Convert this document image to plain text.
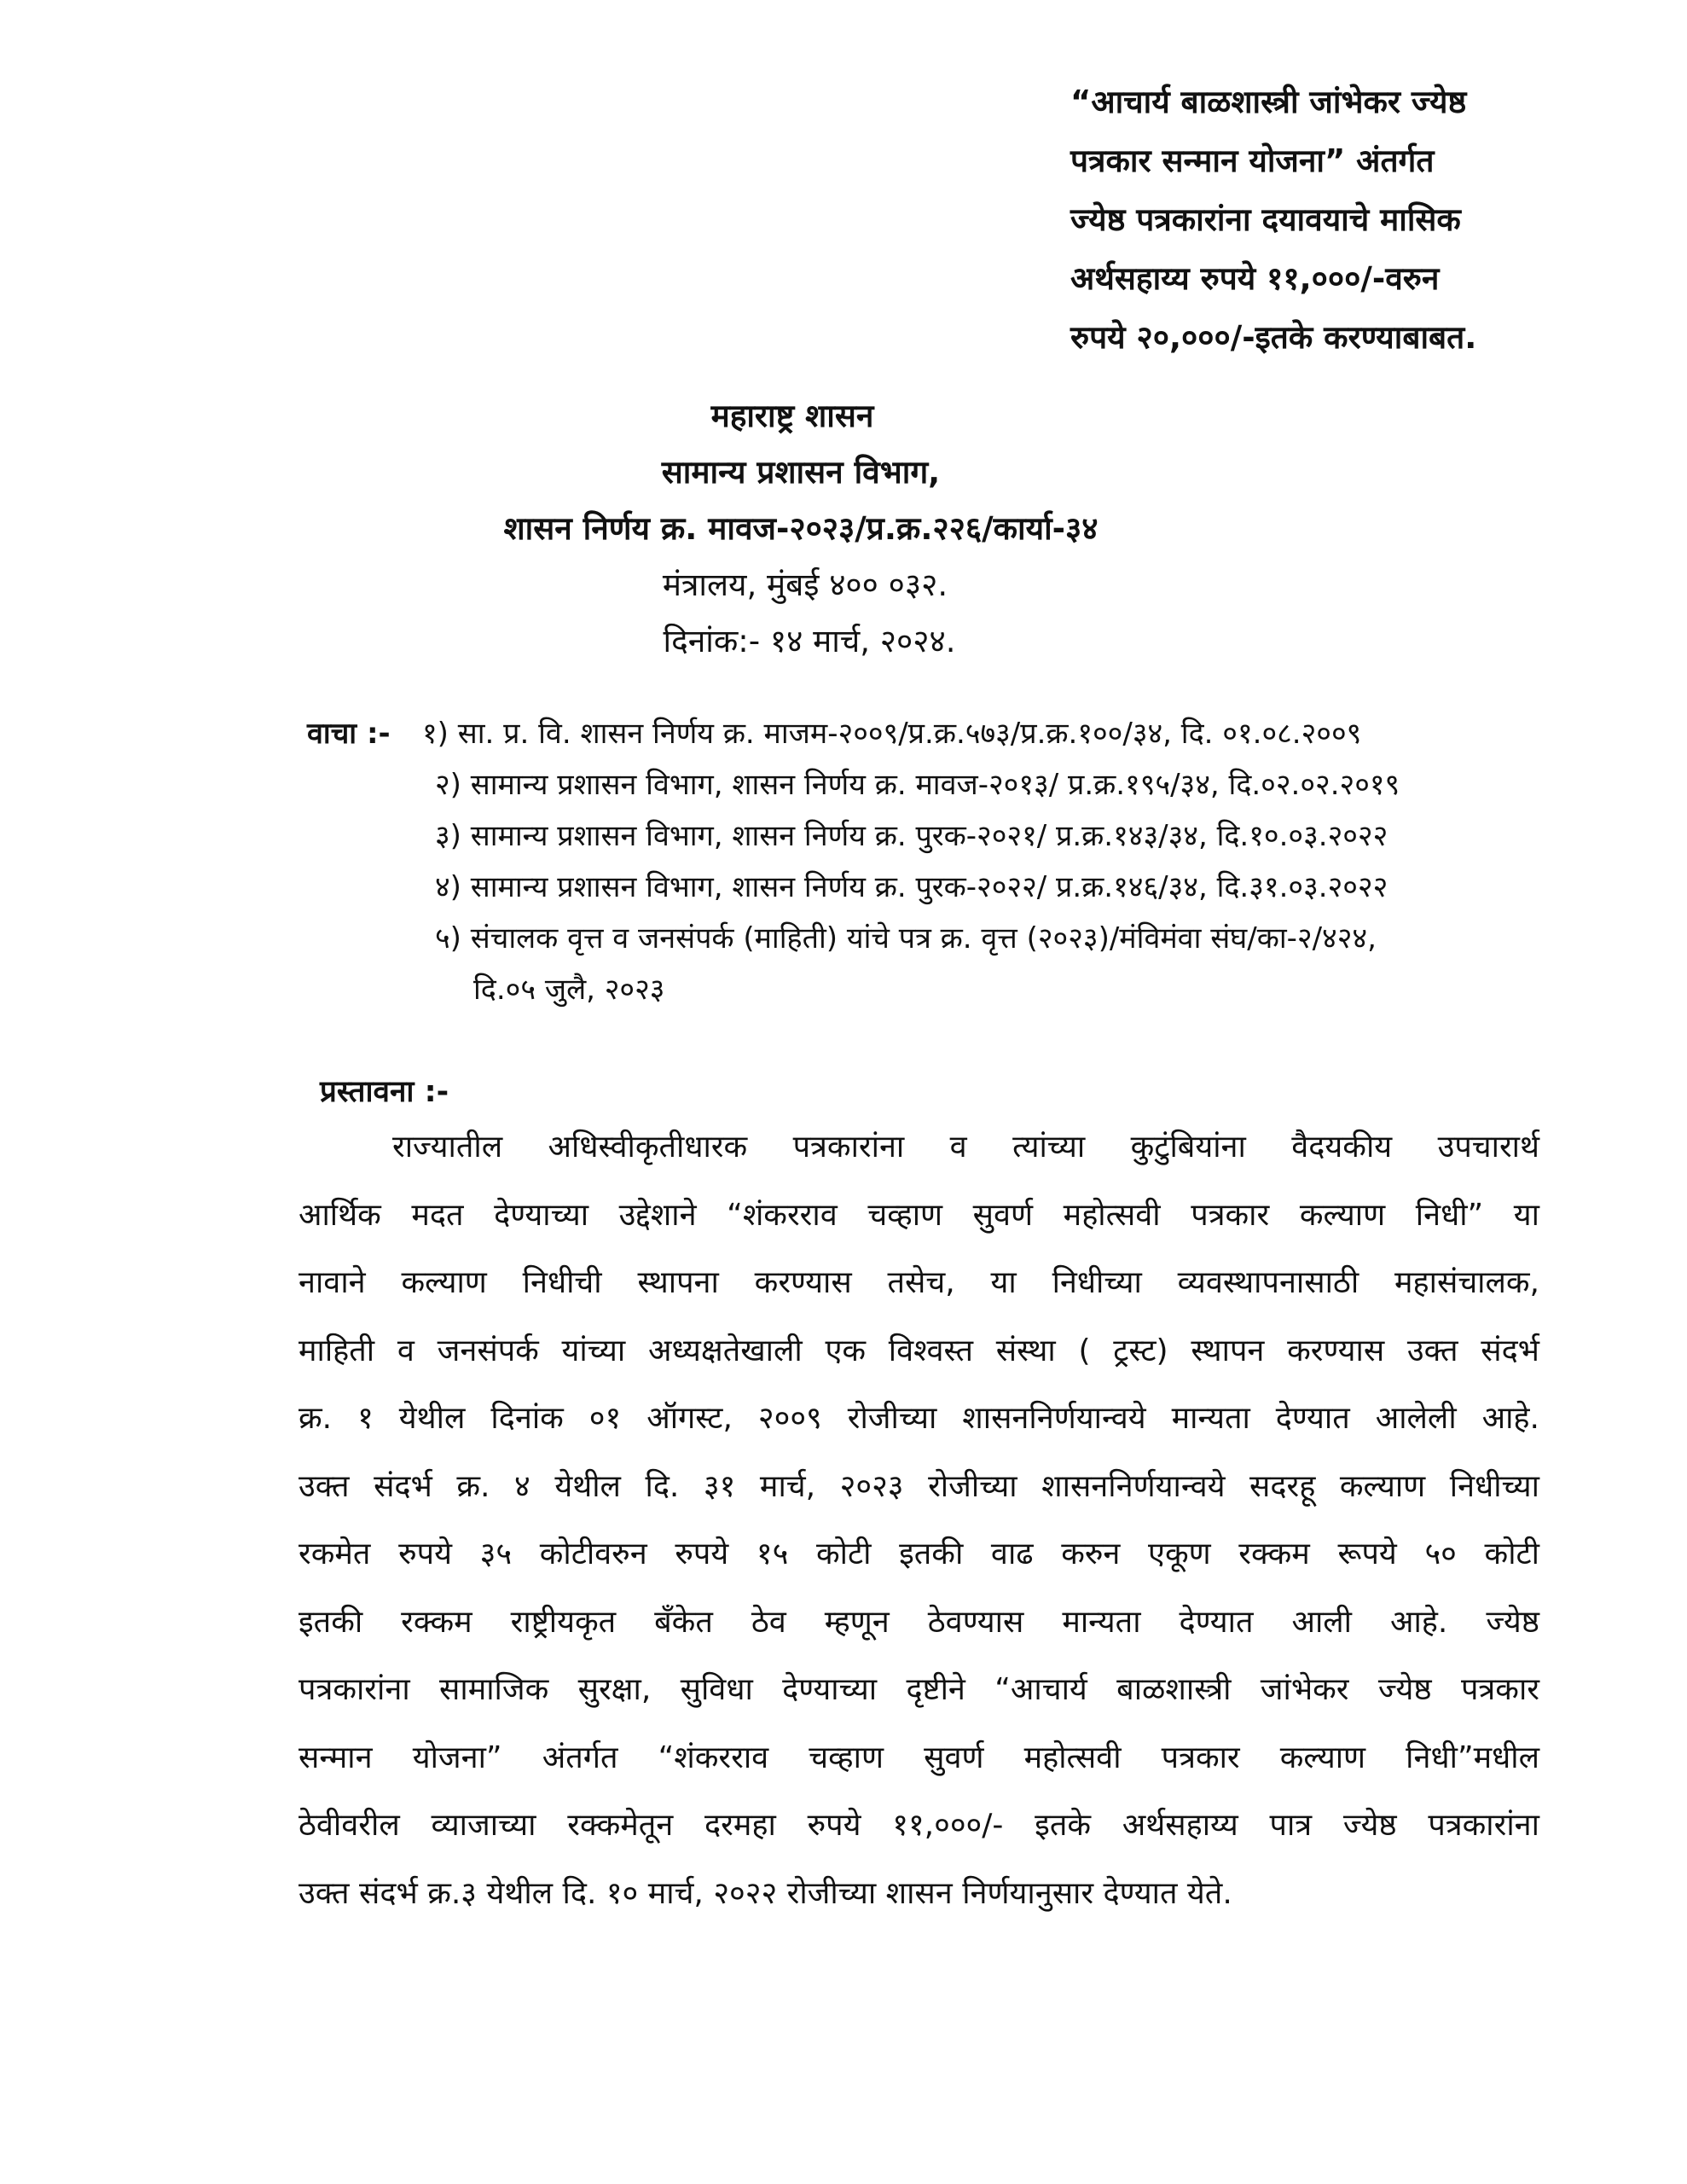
“आचार्य बाळशास्त्री जांभेकर ज्येष्ठ
पत्रकार सन्मान योजना” अंतर्गत
ज्येष्ठ पत्रकारांना दयावयाचे मासिक
अर्थसहाय्य रुपये ११,०००/-वरुन
रुपये २०,०००/-इतके करण्याबाबत.
महाराष्ट्र शासन
सामान्य प्रशासन विभाग,
शासन निर्णय क्र. मावज-२०२३/प्र.क्र.२२६/कार्या-३४
मंत्रालय, मुंबई ४०० ०३२.
दिनांक:- १४ मार्च, २०२४.
वाचा :-	१) सा. प्र. वि. शासन निर्णय क्र. माजम-२००९/प्र.क्र.५७३/प्र.क्र.१००/३४, दि. ०१.०८.२००९
२) सामान्य प्रशासन विभाग, शासन निर्णय क्र. मावज-२०१३/ प्र.क्र.१९५/३४, दि.०२.०२.२०१९
३) सामान्य प्रशासन विभाग, शासन निर्णय क्र. पुरक-२०२१/ प्र.क्र.१४३/३४, दि.१०.०३.२०२२
४) सामान्य प्रशासन विभाग, शासन निर्णय क्र. पुरक-२०२२/ प्र.क्र.१४६/३४, दि.३१.०३.२०२२
५) संचालक वृत्त व जनसंपर्क (माहिती) यांचे पत्र क्र. वृत्त (२०२३)/मंविमंवा संघ/का-२/४२४,
दि.०५ जुलै, २०२३
प्रस्तावना :-
राज्यातील अधिस्वीकृतीधारक पत्रकारांना व त्यांच्या कुटुंबियांना वैदयकीय उपचारार्थ
आर्थिक मदत देण्याच्या उद्देशाने “शंकरराव चव्हाण सुवर्ण महोत्सवी पत्रकार कल्याण निधी” या
नावाने कल्याण निधीची स्थापना करण्यास तसेच, या निधीच्या व्यवस्थापनासाठी महासंचालक,
माहिती व जनसंपर्क यांच्या अध्यक्षतेखाली एक विश्वस्त संस्था ( ट्रस्ट) स्थापन करण्यास उक्त संदर्भ
क्र. १ येथील दिनांक ०१ ऑगस्ट, २००९ रोजीच्या शासननिर्णयान्वये मान्यता देण्यात आलेली आहे.
उक्त संदर्भ क्र. ४ येथील दि. ३१ मार्च, २०२३ रोजीच्या शासननिर्णयान्वये सदरहू कल्याण निधीच्या
रकमेत रुपये ३५ कोटीवरुन रुपये १५ कोटी इतकी वाढ करुन एकूण रक्कम रूपये ५० कोटी
इतकी रक्कम राष्ट्रीयकृत बँकेत ठेव म्हणून ठेवण्यास मान्यता देण्यात आली आहे. ज्येष्ठ
पत्रकारांना सामाजिक सुरक्षा, सुविधा देण्याच्या दृष्टीने “आचार्य बाळशास्त्री जांभेकर ज्येष्ठ पत्रकार
सन्मान योजना” अंतर्गत “शंकरराव चव्हाण सुवर्ण महोत्सवी पत्रकार कल्याण निधी”मधील
ठेवीवरील व्याजाच्या रक्कमेतून दरमहा रुपये ११,०००/- इतके अर्थसहाय्य पात्र ज्येष्ठ पत्रकारांना
उक्त संदर्भ क्र.३ येथील दि. १० मार्च, २०२२ रोजीच्या शासन निर्णयानुसार देण्यात येते.
